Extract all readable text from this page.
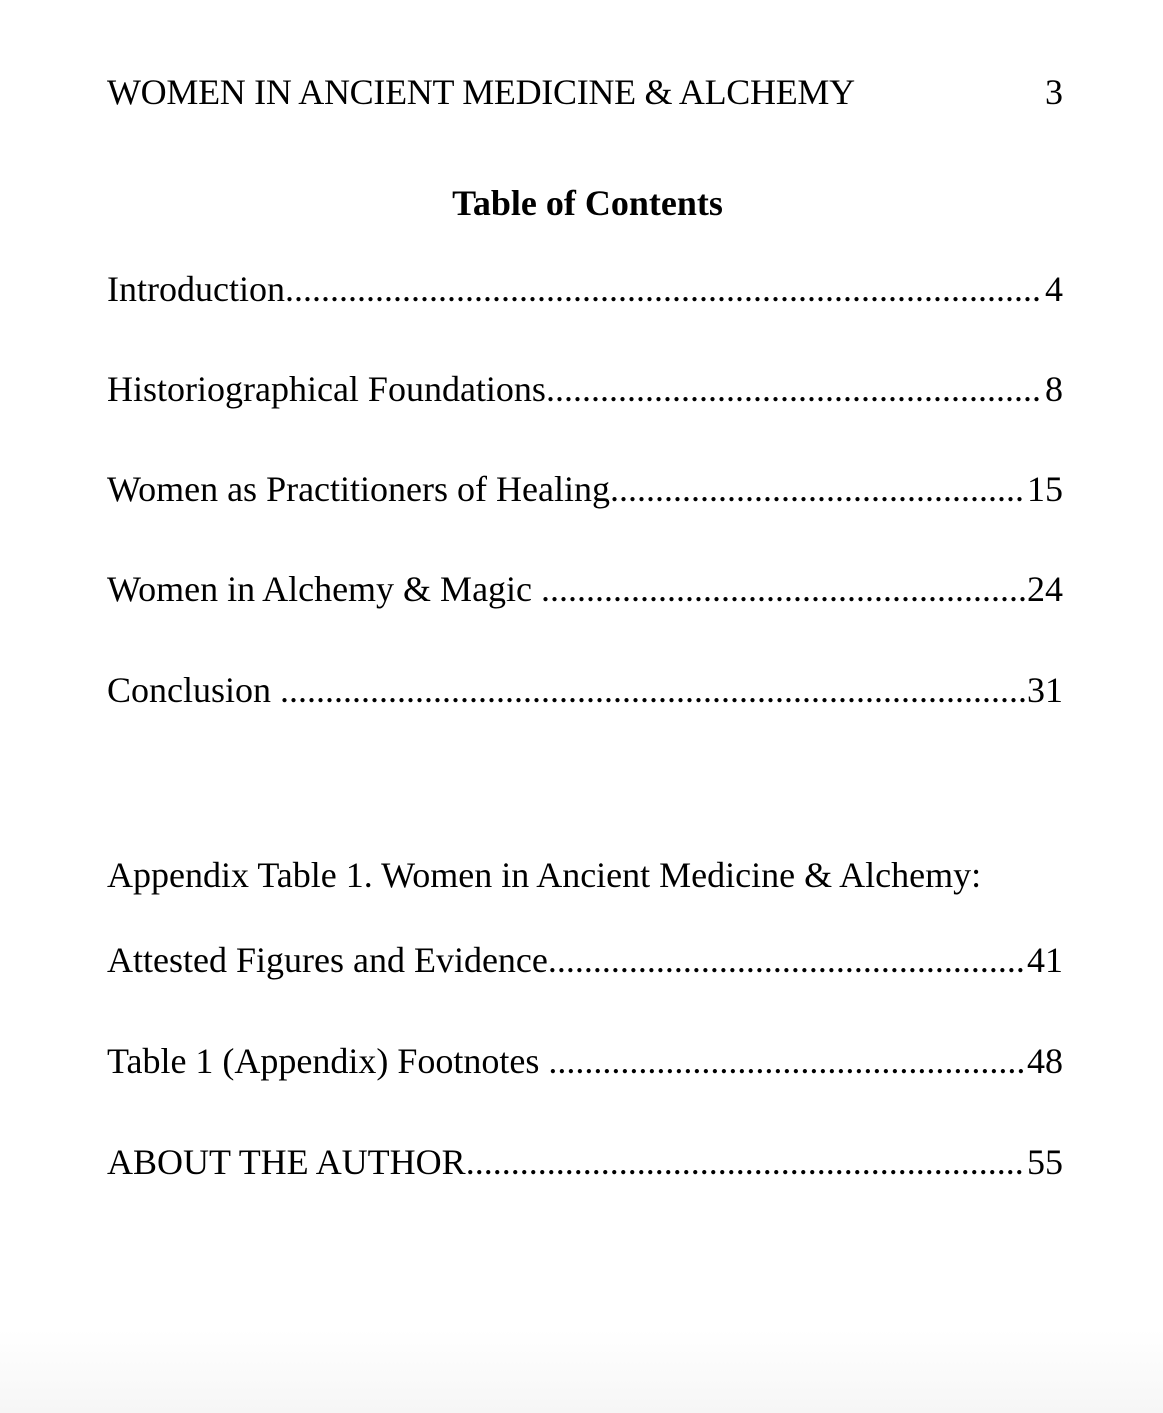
WOMEN IN ANCIENT MEDICINE & ALCHEMY	3
Table of Contents
Introduction .....	4
Historiographical Foundations .....	8
Women as Practitioners of Healing .....	15
Women in Alchemy & Magic .....	24
Conclusion .....	31
Appendix Table 1. Women in Ancient Medicine & Alchemy:
Attested Figures and Evidence .....	41
Table 1 (Appendix) Footnotes .....	48
ABOUT THE AUTHOR .....	55
